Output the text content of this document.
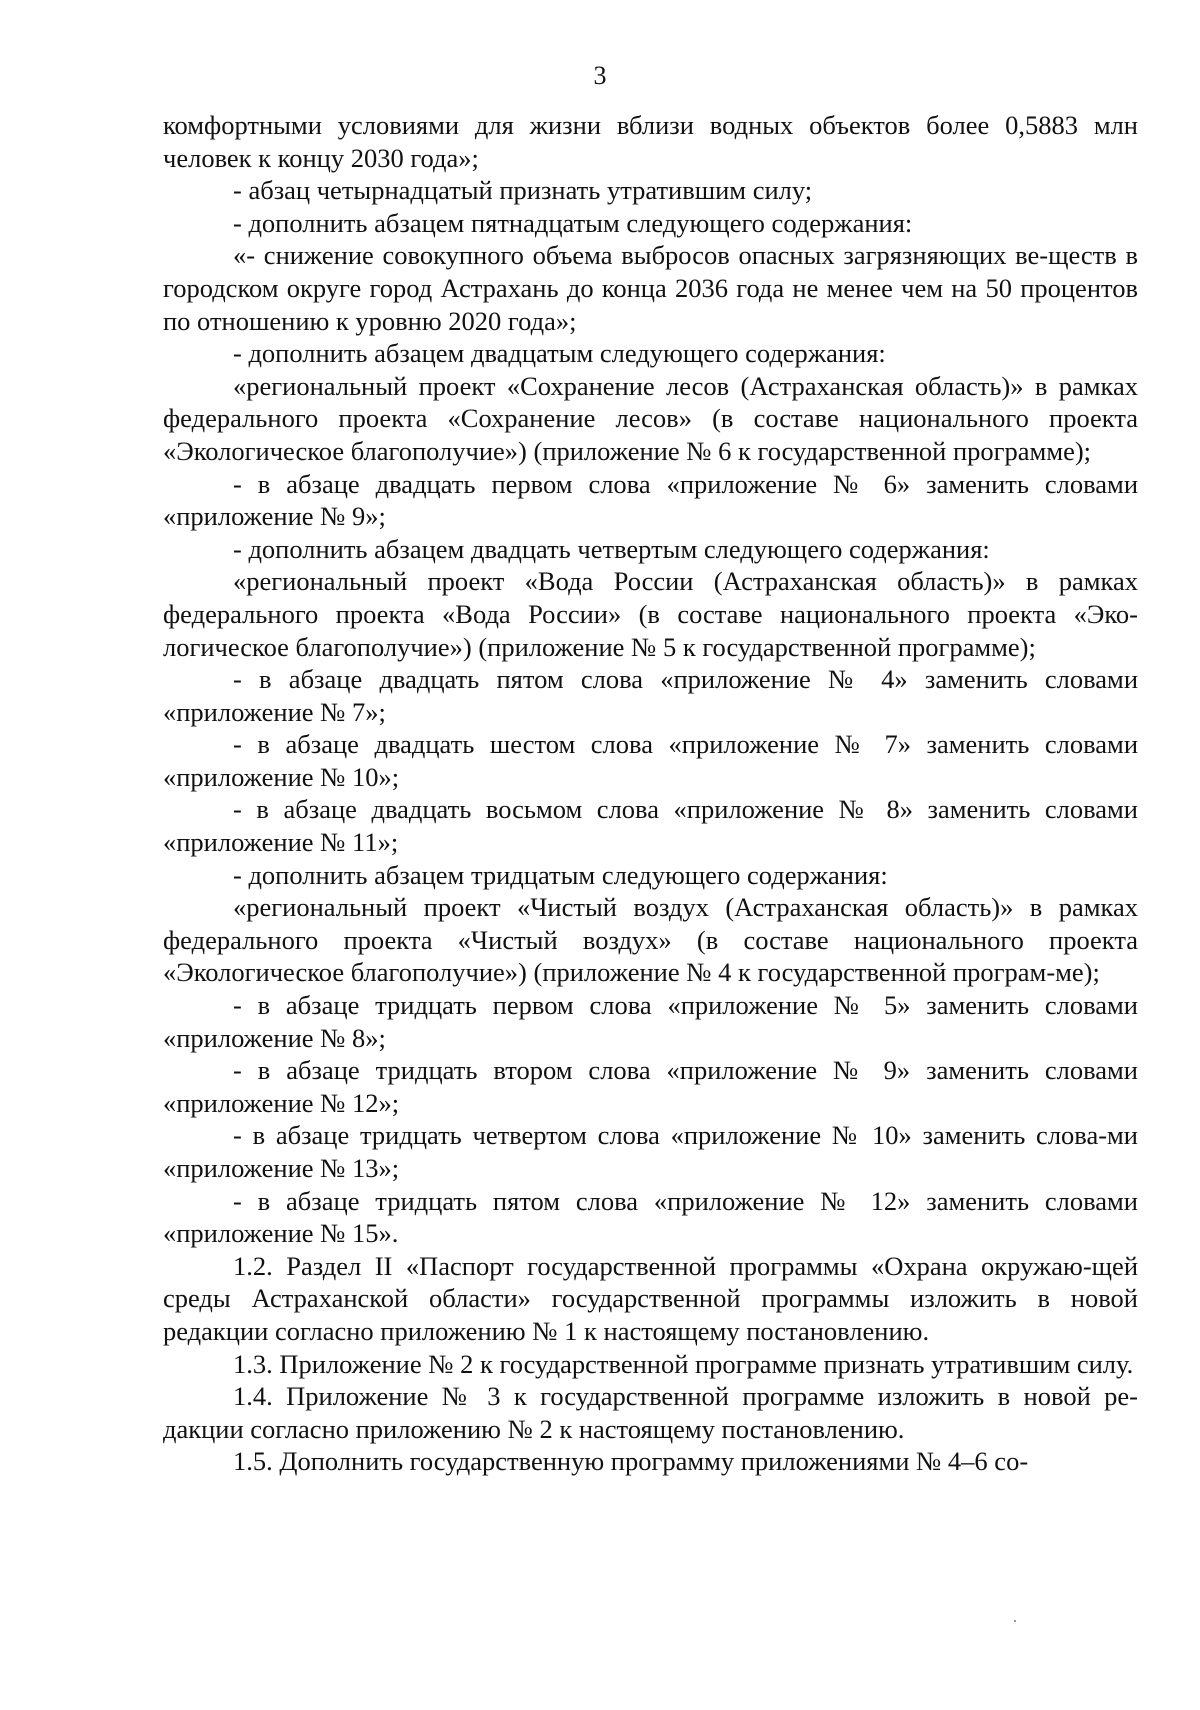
3

комфортными условиями для жизни вблизи водных объектов более 0,5883 млн человек к концу 2030 года»;

- абзац четырнадцатый признать утратившим силу;

- дополнить абзацем пятнадцатым следующего содержания:

«- снижение совокупного объема выбросов опасных загрязняющих ве-ществ в городском округе город Астрахань до конца 2036 года не менее чем на 50 процентов по отношению к уровню 2020 года»;

- дополнить абзацем двадцатым следующего содержания:

«региональный проект «Сохранение лесов (Астраханская область)» в рамках федерального проекта «Сохранение лесов» (в составе национального проекта «Экологическое благополучие») (приложение № 6 к государственной программе);

- в абзаце двадцать первом слова «приложение № 6» заменить словами «приложение № 9»;

- дополнить абзацем двадцать четвертым следующего содержания:

«региональный проект «Вода России (Астраханская область)» в рамках федерального проекта «Вода России» (в составе национального проекта «Эко-логическое благополучие») (приложение № 5 к государственной программе);

- в абзаце двадцать пятом слова «приложение № 4» заменить словами «приложение № 7»;

- в абзаце двадцать шестом слова «приложение № 7» заменить словами «приложение № 10»;

- в абзаце двадцать восьмом слова «приложение № 8» заменить словами «приложение № 11»;

- дополнить абзацем тридцатым следующего содержания:

«региональный проект «Чистый воздух (Астраханская область)» в рамках федерального проекта «Чистый воздух» (в составе национального проекта «Экологическое благополучие») (приложение № 4 к государственной програм-ме);

- в абзаце тридцать первом слова «приложение № 5» заменить словами «приложение № 8»;

- в абзаце тридцать втором слова «приложение № 9» заменить словами «приложение № 12»;

- в абзаце тридцать четвертом слова «приложение № 10» заменить слова-ми «приложение № 13»;

- в абзаце тридцать пятом слова «приложение № 12» заменить словами «приложение № 15».

1.2. Раздел II «Паспорт государственной программы «Охрана окружаю-щей среды Астраханской области» государственной программы изложить в новой редакции согласно приложению № 1 к настоящему постановлению.

1.3. Приложение № 2 к государственной программе признать утратившим силу.

1.4. Приложение № 3 к государственной программе изложить в новой ре-дакции согласно приложению № 2 к настоящему постановлению.

1.5. Дополнить государственную программу приложениями № 4–6 со-
